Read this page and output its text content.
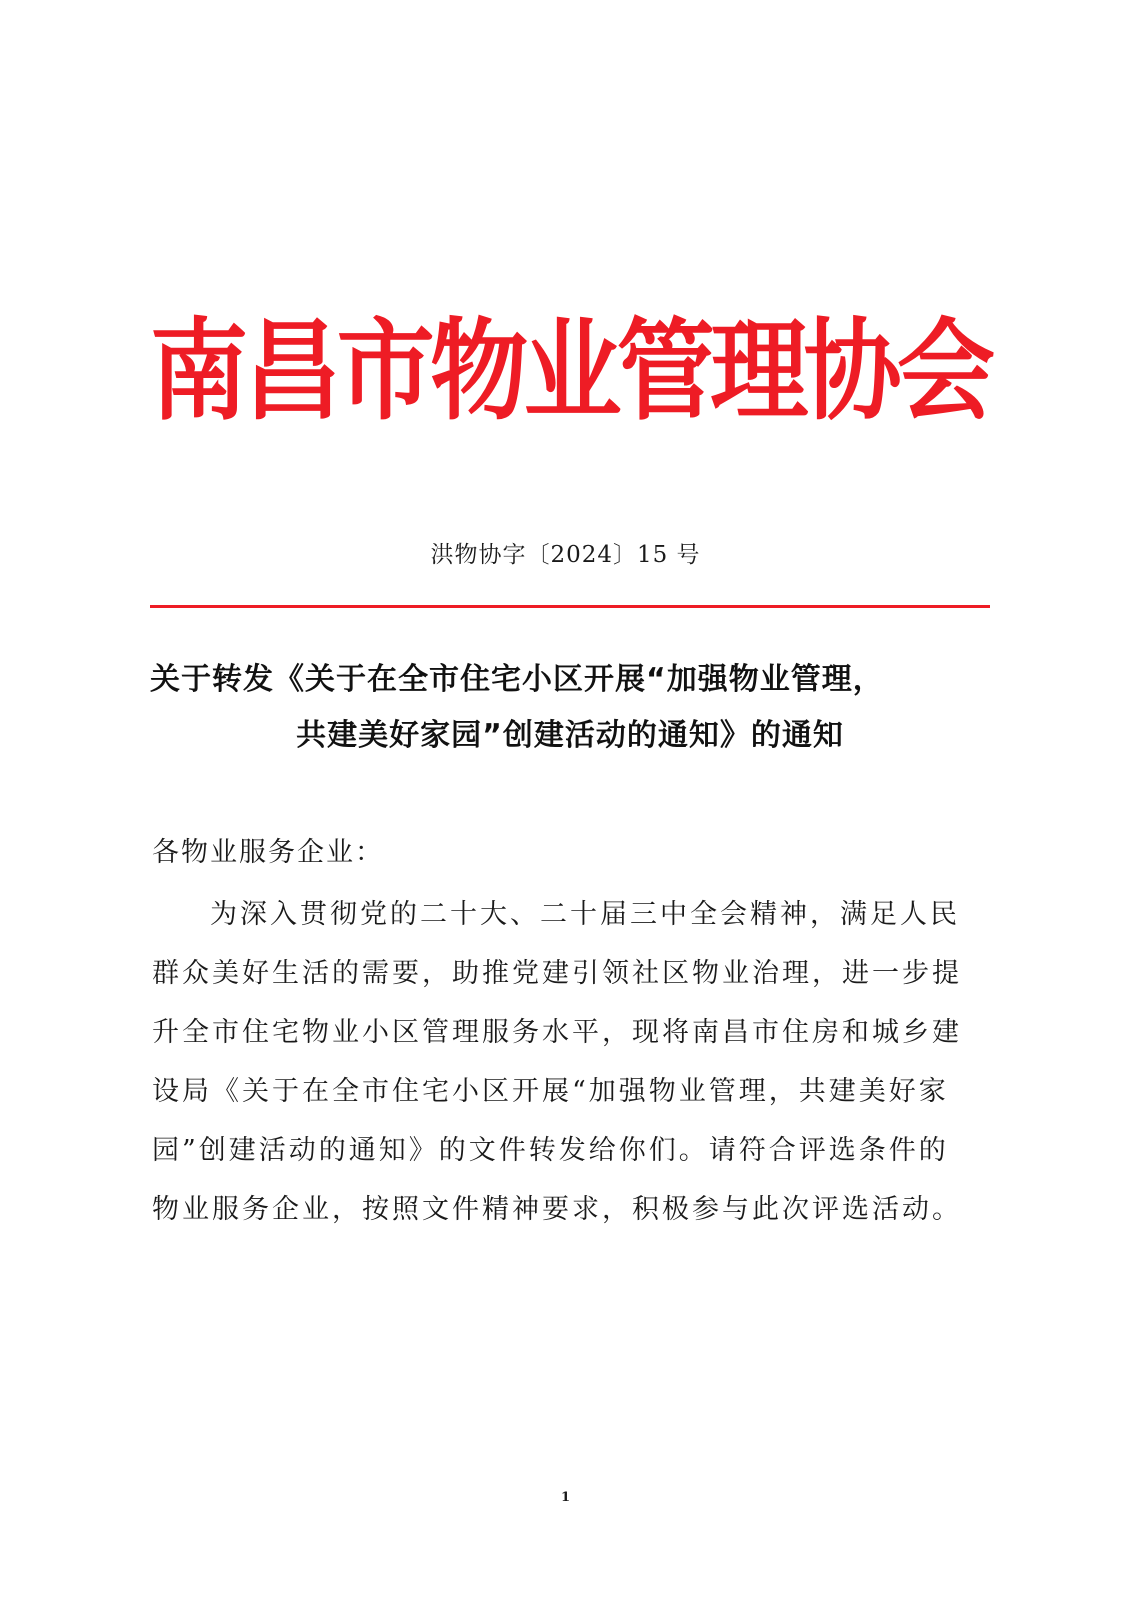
南
昌
市
物
业
管
理
协
会
洪物协字〔2024〕15 号
关于转发《关于在全市住宅小区开展“加强物业管理，
共建美好家园”创建活动的通知》的通知
各物业服务企业：
为深入贯彻党的二十大、二十届三中全会精神，满足人民
群众美好生活的需要，助推党建引领社区物业治理，进一步提
升全市住宅物业小区管理服务水平，现将南昌市住房和城乡建
设局《关于在全市住宅小区开展“加强物业管理，共建美好家
园”创建活动的通知》的文件转发给你们。请符合评选条件的
物业服务企业，按照文件精神要求，积极参与此次评选活动。
1
